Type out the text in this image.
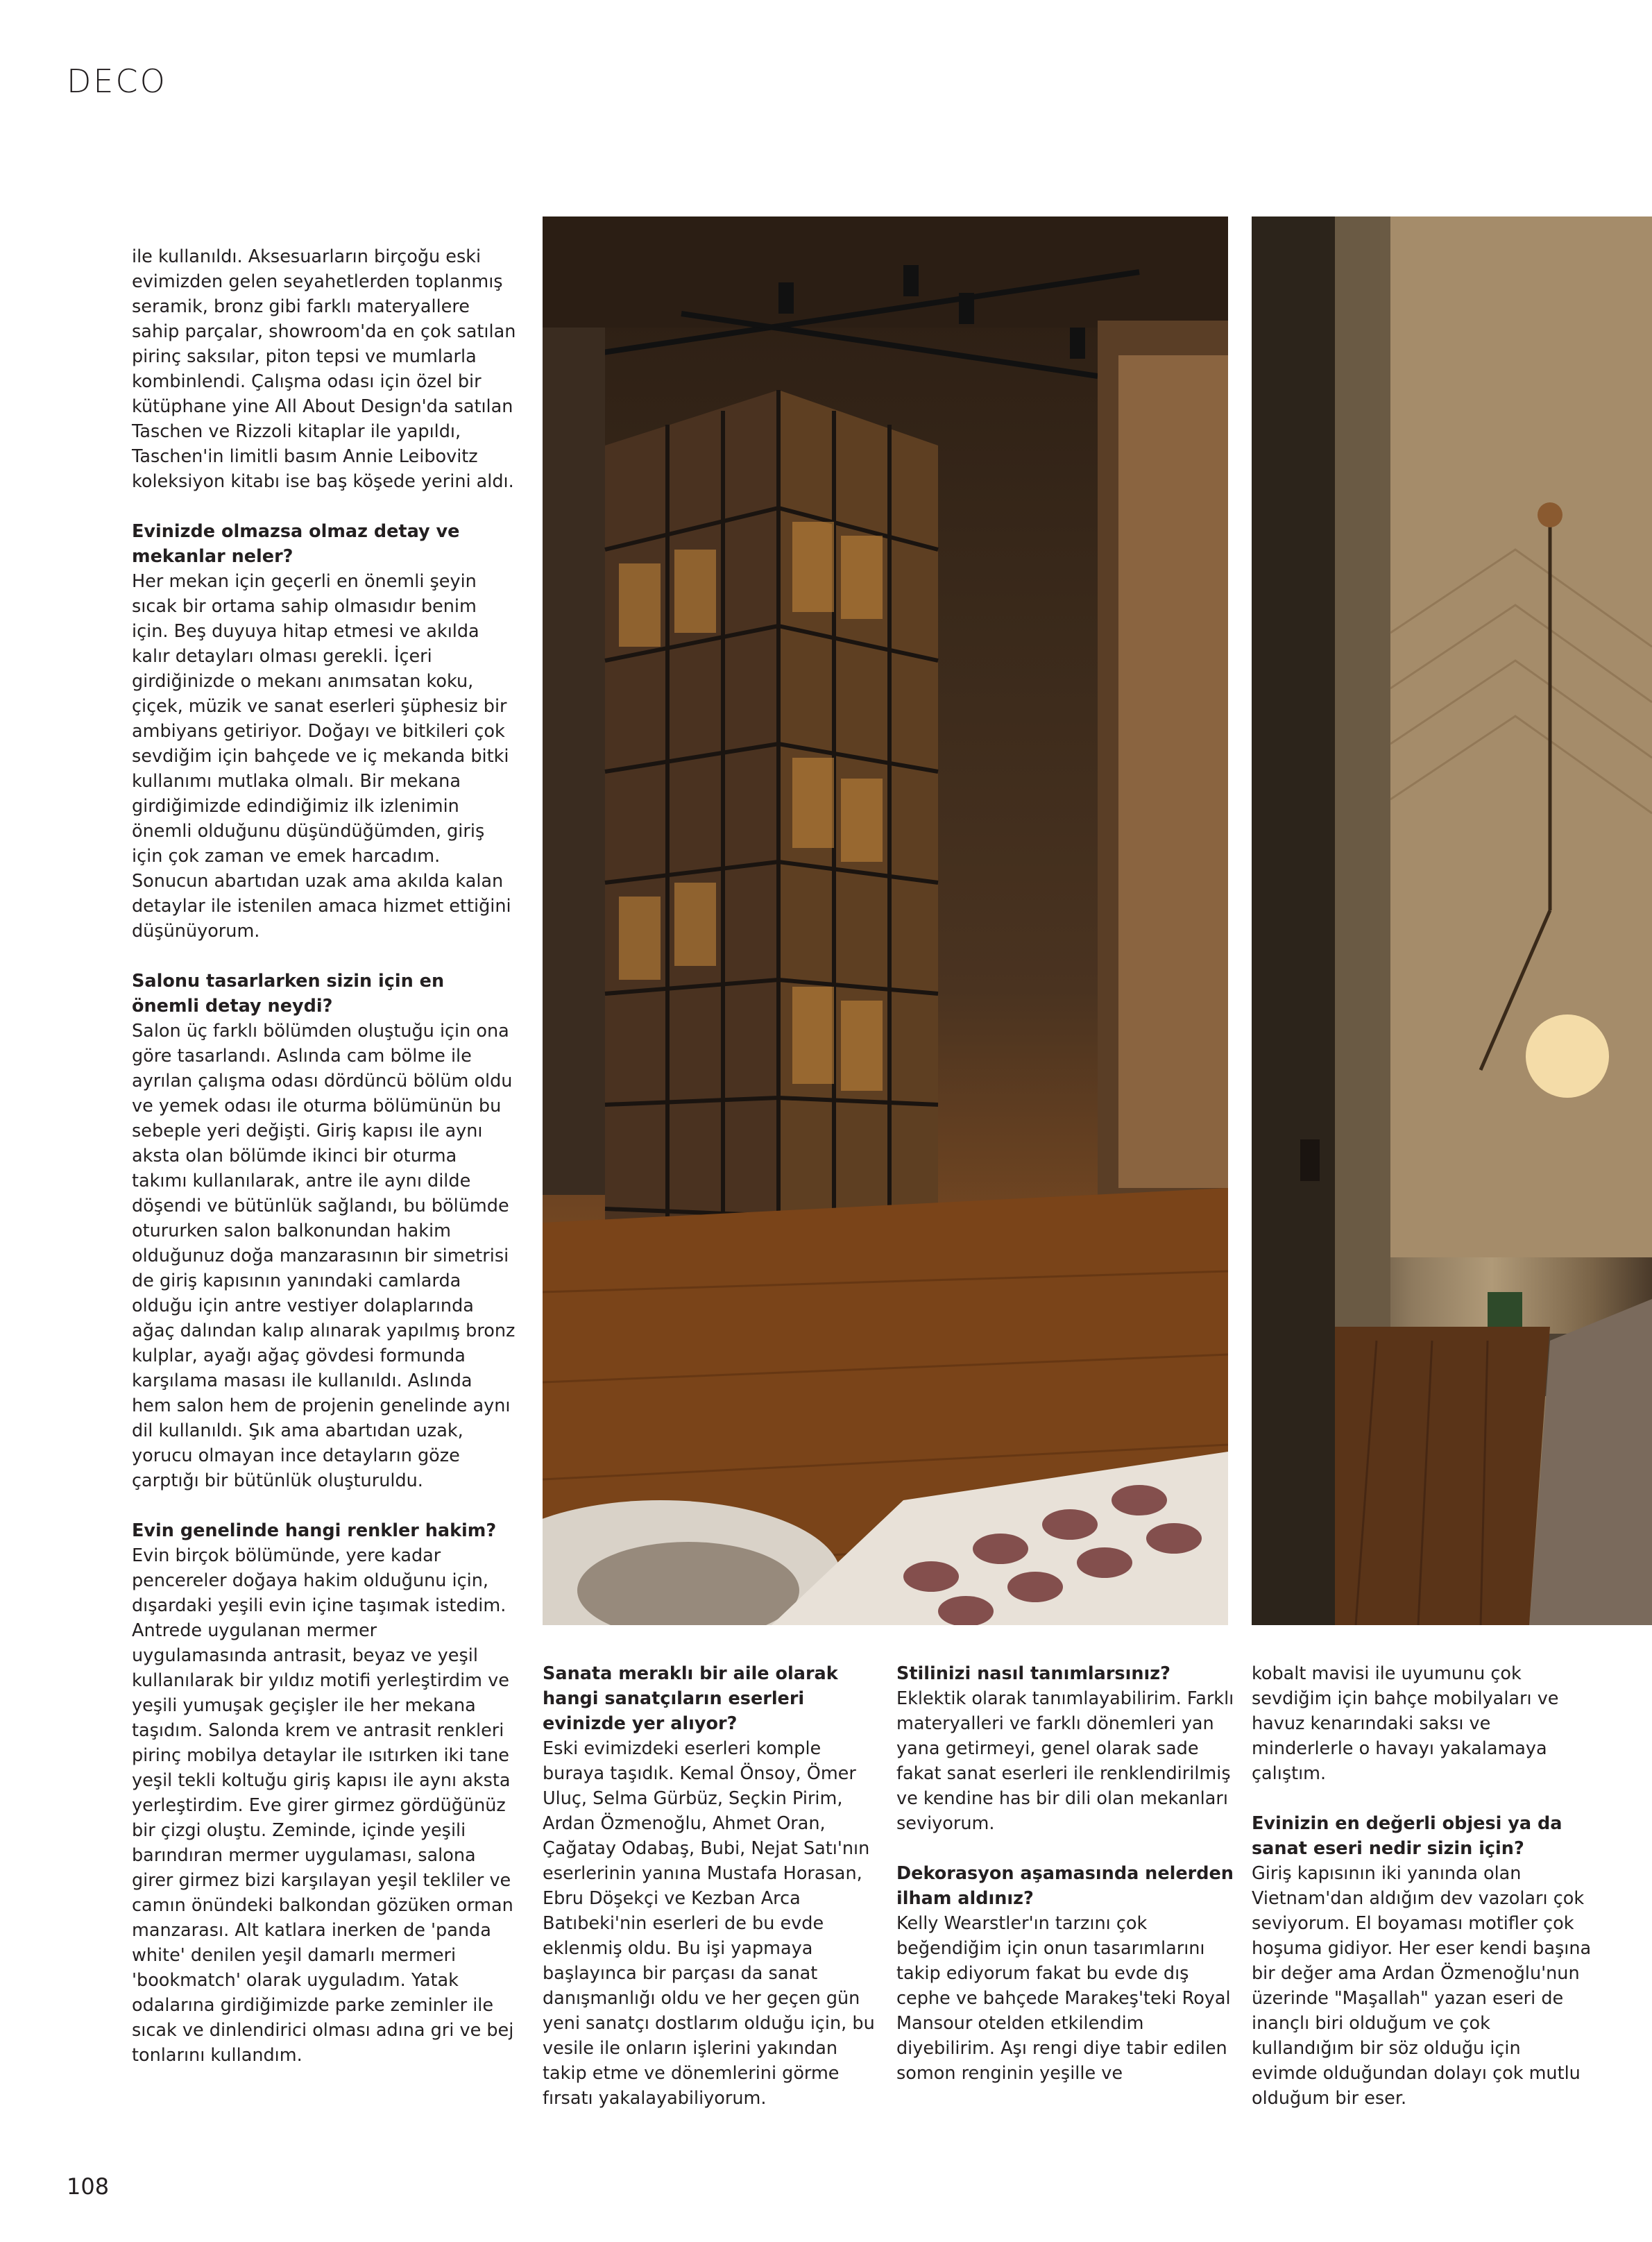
DECO

ile kullanıldı. Aksesuarların birçoğu eski evimizden gelen seyahetlerden toplanmış seramik, bronz gibi farklı materyallere sahip parçalar, showroom'da en çok satılan pirinç saksılar, piton tepsi ve mumlarla kombinlendi. Çalışma odası için özel bir kütüphane yine All About Design'da satılan Taschen ve Rizzoli kitaplar ile yapıldı, Taschen'in limitli basım Annie Leibovitz koleksiyon kitabı ise baş köşede yerini aldı.

Evinizde olmazsa olmaz detay ve mekanlar neler?
Her mekan için geçerli en önemli şeyin sıcak bir ortama sahip olmasıdır benim için. Beş duyuya hitap etmesi ve akılda kalır detayları olması gerekli. İçeri girdiğinizde o mekanı anımsatan koku, çiçek, müzik ve sanat eserleri şüphesiz bir ambiyans getiriyor. Doğayı ve bitkileri çok sevdiğim için bahçede ve iç mekanda bitki kullanımı mutlaka olmalı. Bir mekana girdiğimizde edindiğimiz ilk izlenimin önemli olduğunu düşündüğümden, giriş için çok zaman ve emek harcadım. Sonucun abartıdan uzak ama akılda kalan detaylar ile istenilen amaca hizmet ettiğini düşünüyorum.

Salonu tasarlarken sizin için en önemli detay neydi?
Salon üç farklı bölümden oluştuğu için ona göre tasarlandı. Aslında cam bölme ile ayrılan çalışma odası dördüncü bölüm oldu ve yemek odası ile oturma bölümünün bu sebeple yeri değişti. Giriş kapısı ile aynı aksta olan bölümde ikinci bir oturma takımı kullanılarak, antre ile aynı dilde döşendi ve bütünlük sağlandı, bu bölümde otururken salon balkonundan hakim olduğunuz doğa manzarasının bir simetrisi de giriş kapısının yanındaki camlarda olduğu için antre vestiyer dolaplarında ağaç dalından kalıp alınarak yapılmış bronz kulplar, ayağı ağaç gövdesi formunda karşılama masası ile kullanıldı. Aslında hem salon hem de projenin genelinde aynı dil kullanıldı. Şık ama abartıdan uzak, yorucu olmayan ince detayların göze çarptığı bir bütünlük oluşturuldu.

Evin genelinde hangi renkler hakim?
Evin birçok bölümünde, yere kadar pencereler doğaya hakim olduğunu için, dışardaki yeşili evin içine taşımak istedim. Antrede uygulanan mermer uygulamasında antrasit, beyaz ve yeşil kullanılarak bir yıldız motifi yerleştirdim ve yeşili yumuşak geçişler ile her mekana taşıdım. Salonda krem ve antrasit renkleri pirinç mobilya detaylar ile ısıtırken iki tane yeşil tekli koltuğu giriş kapısı ile aynı aksta yerleştirdim. Eve girer girmez gördüğünüz bir çizgi oluştu. Zeminde, içinde yeşili barındıran mermer uygulaması, salona girer girmez bizi karşılayan yeşil tekliler ve camın önündeki balkondan gözüken orman manzarası. Alt katlara inerken de 'panda white' denilen yeşil damarlı mermeri 'bookmatch' olarak uyguladım. Yatak odalarına girdiğimizde parke zeminler ile sıcak ve dinlendirici olması adına gri ve bej tonlarını kullandım.

Sanata meraklı bir aile olarak hangi sanatçıların eserleri evinizde yer alıyor?
Eski evimizdeki eserleri komple buraya taşıdık. Kemal Önsoy, Ömer Uluç, Selma Gürbüz, Seçkin Pirim, Ardan Özmenoğlu, Ahmet Oran, Çağatay Odabaş, Bubi, Nejat Satı'nın eserlerinin yanına Mustafa Horasan, Ebru Döşekçi ve Kezban Arca Batıbeki'nin eserleri de bu evde eklenmiş oldu. Bu işi yapmaya başlayınca bir parçası da sanat danışmanlığı oldu ve her geçen gün yeni sanatçı dostlarım olduğu için, bu vesile ile onların işlerini yakından takip etme ve dönemlerini görme fırsatı yakalayabiliyorum.

Stilinizi nasıl tanımlarsınız?
Eklektik olarak tanımlayabilirim. Farklı materyalleri ve farklı dönemleri yan yana getirmeyi, genel olarak sade fakat sanat eserleri ile renklendirilmiş ve kendine has bir dili olan mekanları seviyorum.

Dekorasyon aşamasında nelerden ilham aldınız?
Kelly Wearstler'ın tarzını çok beğendiğim için onun tasarımlarını takip ediyorum fakat bu evde dış cephe ve bahçede Marakeş'teki Royal Mansour otelden etkilendim diyebilirim. Aşı rengi diye tabir edilen somon renginin yeşille ve

kobalt mavisi ile uyumunu çok sevdiğim için bahçe mobilyaları ve havuz kenarındaki saksı ve minderlerle o havayı yakalamaya çalıştım.

Evinizin en değerli objesi ya da sanat eseri nedir sizin için?
Giriş kapısının iki yanında olan Vietnam'dan aldığım dev vazoları çok seviyorum. El boyaması motifler çok hoşuma gidiyor. Her eser kendi başına bir değer ama Ardan Özmenoğlu'nun üzerinde "Maşallah" yazan eseri de inançlı biri olduğum ve çok kullandığım bir söz olduğu için evimde olduğundan dolayı çok mutlu olduğum bir eser.

108
